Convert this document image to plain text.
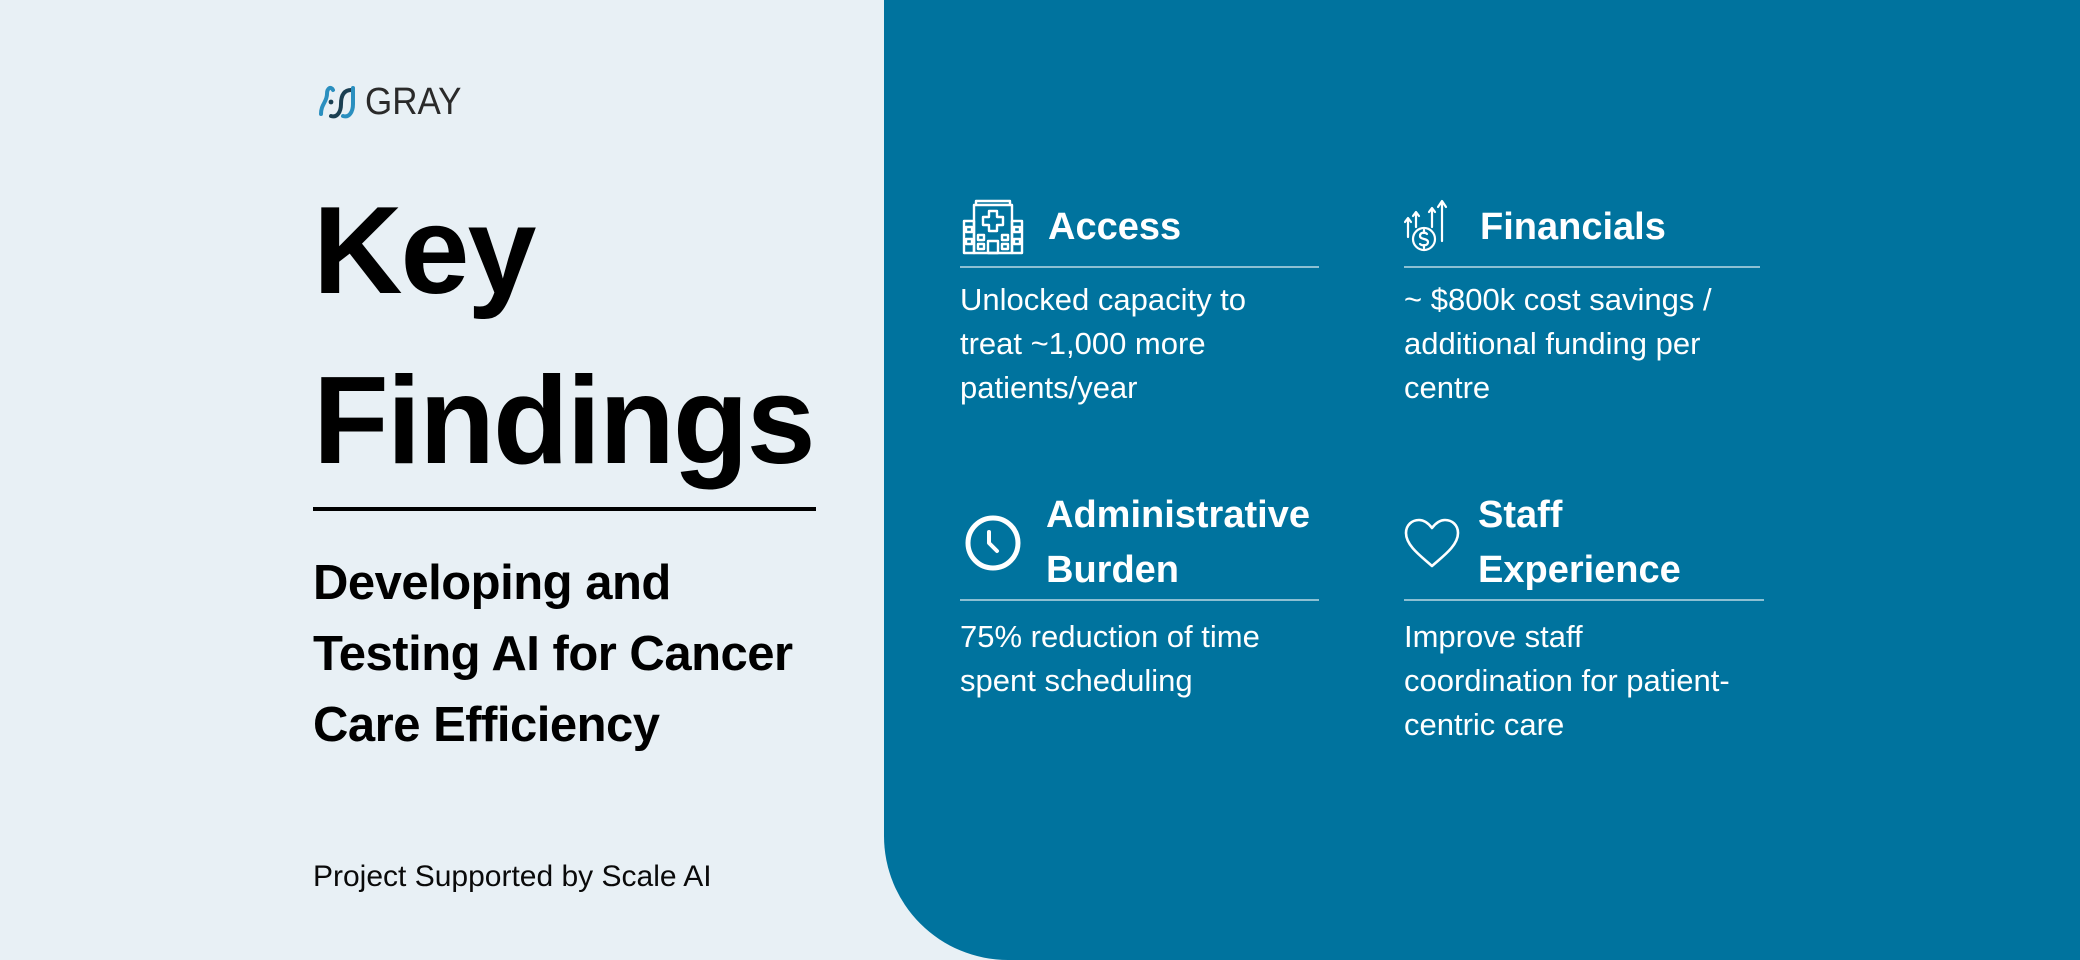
GRAY
Key
Findings
Developing and
Testing AI for Cancer
Care Efficiency
Project Supported by Scale AI
Access

Unlocked capacity to
treat ~1,000 more
patients/year

Financials

~ $800k cost savings /
additional funding per
centre

Administrative
Burden

75% reduction of time
spent scheduling

Staff
Experience

Improve staff
coordination for patient-
centric care
